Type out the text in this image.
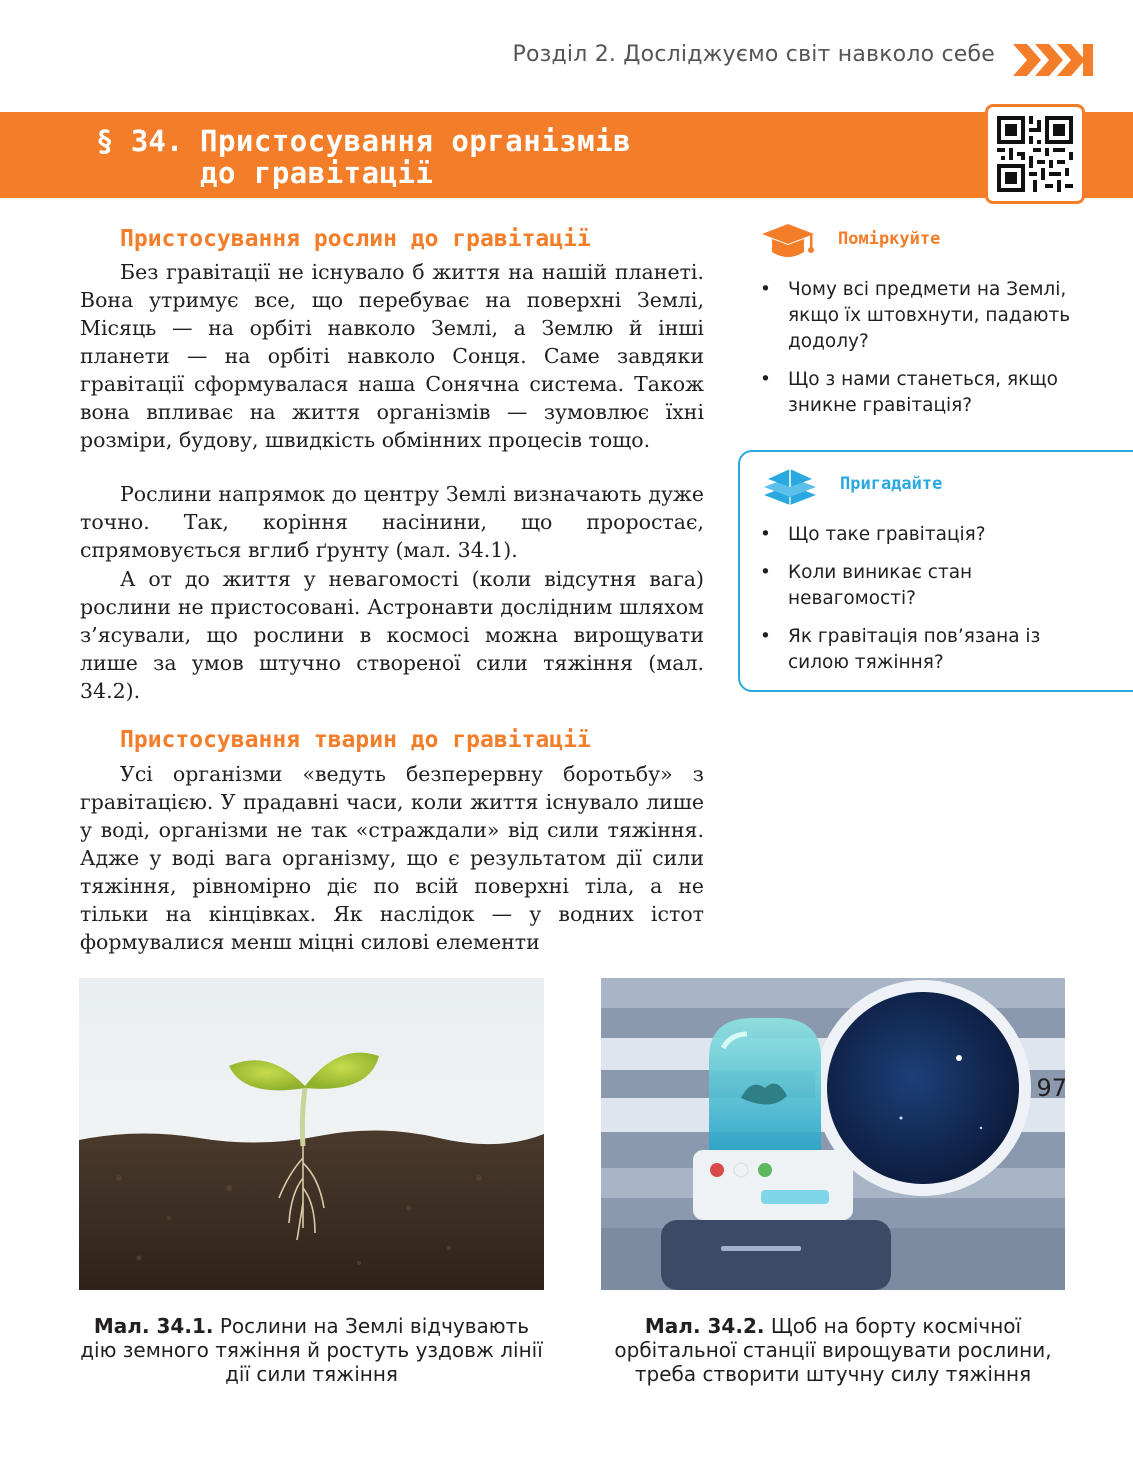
Розділ 2. Досліджуємо світ навколо себе
§ 34. Пристосування організмів
до гравітації
Пристосування рослин до гравітації

Без гравітації не існувало б життя на нашій планеті. Вона утримує все, що перебуває на поверхні Землі, Місяць — на орбіті навколо Землі, а Землю й інші планети — на орбіті навколо Сонця. Саме завдяки гравітації сформувалася наша Сонячна система. Також вона впливає на життя організмів — зумовлює їхні розміри, будову, швидкість обмінних процесів тощо.

Рослини напрямок до центру Землі визначають дуже точно. Так, коріння насінини, що проростає, спрямовується вглиб ґрунту (мал. 34.1).

А от до життя у невагомості (коли відсутня вага) рослини не пристосовані. Астронавти дослідним шляхом з’ясували, що рослини в космосі можна вирощувати лише за умов штучно створеної сили тяжіння (мал. 34.2).

Пристосування тварин до гравітації

Усі організми «ведуть безперервну боротьбу» з гравітацією. У прадавні часи, коли життя існувало лише у воді, організми не так «страждали» від сили тяжіння. Адже у воді вага організму, що є результатом дії сили тяжіння, рівномірно діє по всій поверхні тіла, а не тільки на кінцівках. Як наслідок — у водних істот формувалися менш міцні силові елементи

Поміркуйте
• Чому всі предмети на Землі, якщо їх штовхнути, падають додолу?
• Що з нами станеться, якщо зникне гравітація?
Пригадайте
• Що таке гравітація?
• Коли виникає стан невагомості?
• Як гравітація пов’язана із силою тяжіння?
Мал. 34.1. Рослини на Землі відчувають дію земного тяжіння й ростуть уздовж лінії дії сили тяжіння
Мал. 34.2. Щоб на борту космічної орбітальної станції вирощувати рослини, треба створити штучну силу тяжіння
97
